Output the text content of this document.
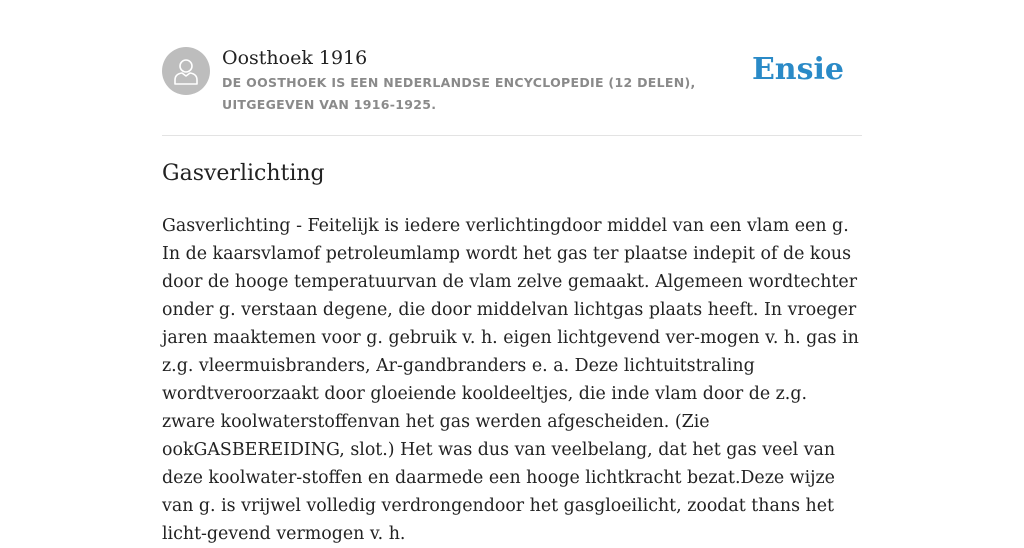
Oosthoek 1916
DE OOSTHOEK IS EEN NEDERLANDSE ENCYCLOPEDIE (12 DELEN), UITGEGEVEN VAN 1916-1925.
Ensie
Gasverlichting

Gasverlichting - Feitelijk is iedere verlichtingdoor middel van een vlam een g. In de kaarsvlamof petroleumlamp wordt het gas ter plaatse indepit of de kous door de hooge temperatuurvan de vlam zelve gemaakt. Algemeen wordtechter onder g. verstaan degene, die door middelvan lichtgas plaats heeft. In vroeger jaren maaktemen voor g. gebruik v. h. eigen lichtgevend ver-mogen v. h. gas in z.g. vleermuisbranders, Ar-gandbranders e. a. Deze lichtuitstraling wordtveroorzaakt door gloeiende kooldeeltjes, die inde vlam door de z.g. zware koolwaterstoffenvan het gas werden afgescheiden. (Zie ookGASBEREIDING, slot.) Het was dus van veelbelang, dat het gas veel van deze koolwater-stoffen en daarmede een hooge lichtkracht bezat.Deze wijze van g. is vrijwel volledig verdrongendoor het gasgloeilicht, zoodat thans het licht-gevend vermogen v. h.
